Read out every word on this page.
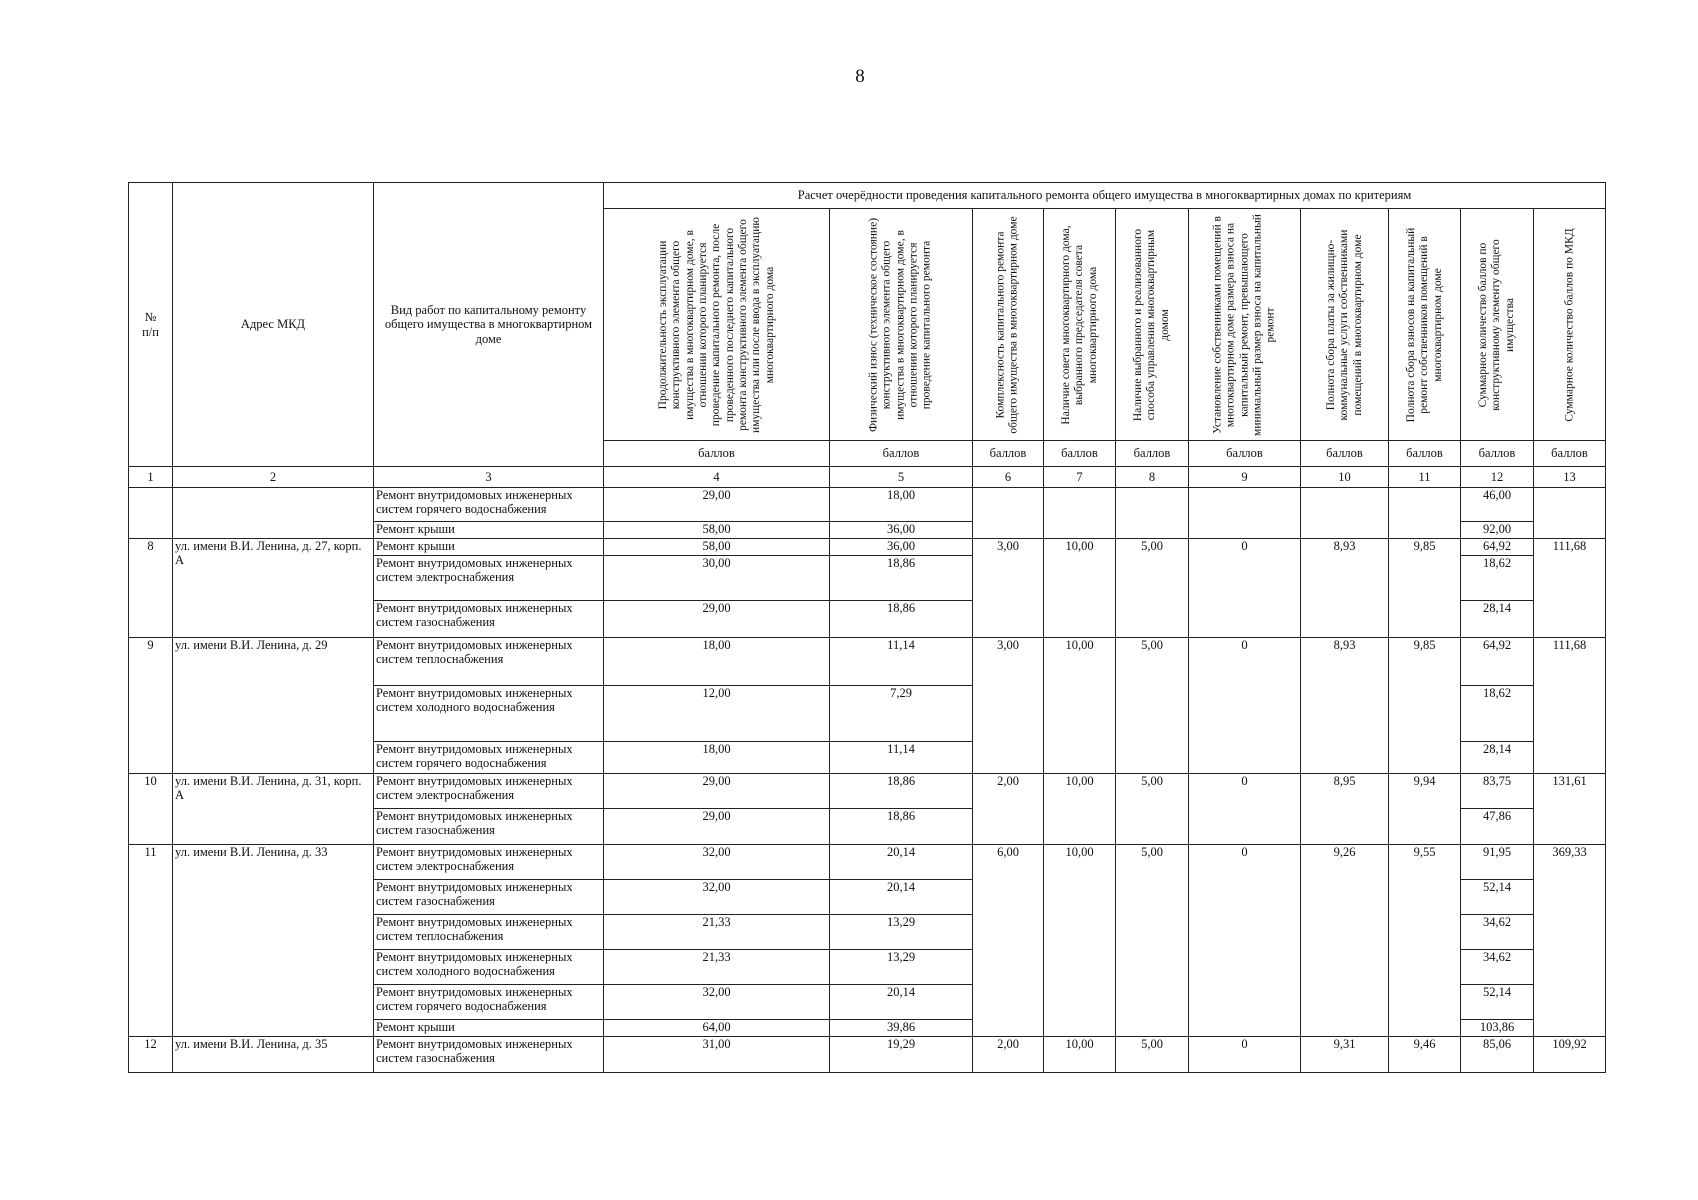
8
№
п/п	Адрес МКД	Вид работ по капитальному ремонту общего имущества в многоквартирном доме	Расчет очерёдности проведения капитального ремонта общего имущества в многоквартирных домах по критериям									

			Продолжительность эксплуатации конструктивного элемента общего имущества в многоквартирном доме, в отношении которого планируется проведение капитального ремонта, после проведенного последнего капитального ремонта конструктивного элемента общего имущества или после ввода в эксплуатацию многоквартирного дома	Физический износ (техническое состояние) конструктивного элемента общего имущества в многоквартирном доме, в отношении которого планируется проведение капитального ремонта	Комплексность капитального ремонта общего имущества в многоквартирном доме	Наличие совета многоквартирного дома, выбранного председателя совета многоквартирного дома	Наличие выбранного и реализованного способа управления многоквартирным домом	Установление собственниками помещений в многоквартирном доме размера взноса на капитальный ремонт, превышающего минимальный размер взноса на капитальный ремонт	Полнота сбора платы за жилищно-коммунальные услуги собственниками помещений в многоквартирном доме	Полнота сбора взносов на капитальный ремонт собственников помещений в многоквартирном доме	Суммарное количество баллов по конструктивному элементу общего имущества	Суммарное количество баллов по МКД

			баллов	баллов	баллов	баллов	баллов	баллов	баллов	баллов	баллов	баллов
1	2	3	4	5	6	7	8	9	10	11	12	13
		Ремонт внутридомовых инженерных систем горячего водоснабжения	29,00	18,00							46,00	
		Ремонт крыши	58,00	36,00							92,00	
8	ул. имени В.И. Ленина, д. 27, корп. А	Ремонт крыши	58,00	36,00	3,00	10,00	5,00	0	8,93	9,85	64,92	111,68
		Ремонт внутридомовых инженерных систем электроснабжения	30,00	18,86							18,62	
		Ремонт внутридомовых инженерных систем газоснабжения	29,00	18,86							28,14	
9	ул. имени В.И. Ленина, д. 29	Ремонт внутридомовых инженерных систем теплоснабжения	18,00	11,14	3,00	10,00	5,00	0	8,93	9,85	64,92	111,68
		Ремонт внутридомовых инженерных систем холодного водоснабжения	12,00	7,29							18,62	
		Ремонт внутридомовых инженерных систем горячего водоснабжения	18,00	11,14							28,14	
10	ул. имени В.И. Ленина, д. 31, корп. А	Ремонт внутридомовых инженерных систем электроснабжения	29,00	18,86	2,00	10,00	5,00	0	8,95	9,94	83,75	131,61
		Ремонт внутридомовых инженерных систем газоснабжения	29,00	18,86							47,86	
11	ул. имени В.И. Ленина, д. 33	Ремонт внутридомовых инженерных систем электроснабжения	32,00	20,14	6,00	10,00	5,00	0	9,26	9,55	91,95	369,33
		Ремонт внутридомовых инженерных систем газоснабжения	32,00	20,14							52,14	
		Ремонт внутридомовых инженерных систем теплоснабжения	21,33	13,29							34,62	
		Ремонт внутридомовых инженерных систем холодного водоснабжения	21,33	13,29							34,62	
		Ремонт внутридомовых инженерных систем горячего водоснабжения	32,00	20,14							52,14	
		Ремонт крыши	64,00	39,86							103,86	
12	ул. имени В.И. Ленина, д. 35	Ремонт внутридомовых инженерных систем газоснабжения	31,00	19,29	2,00	10,00	5,00	0	9,31	9,46	85,06	109,92
